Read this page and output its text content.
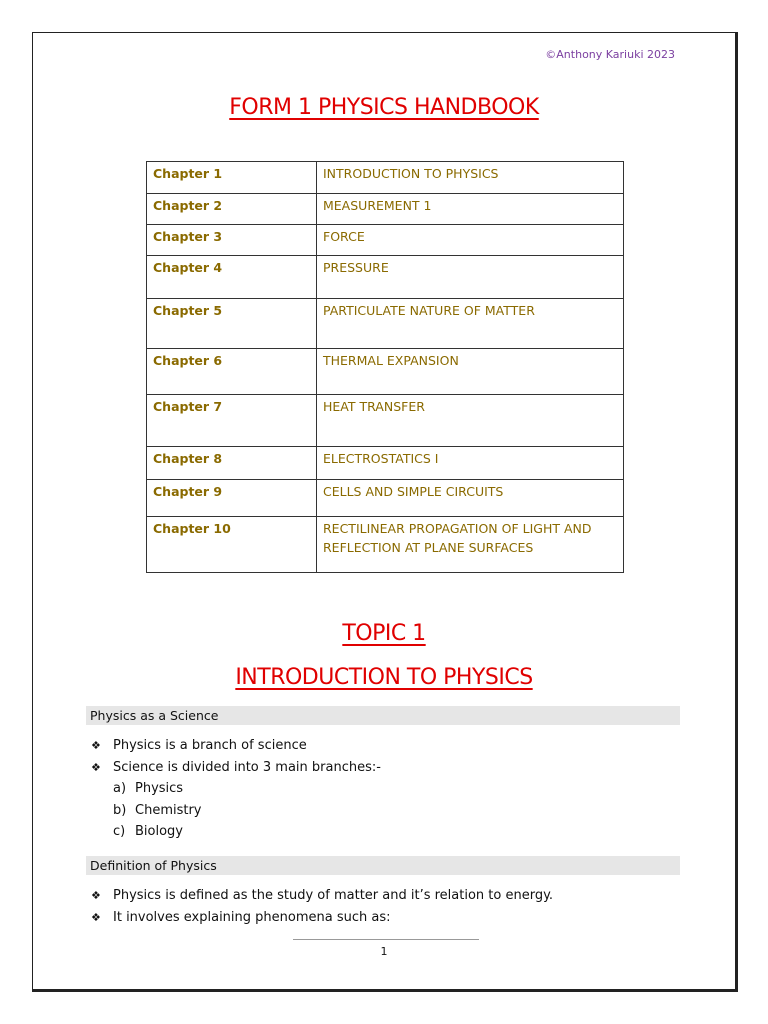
©Anthony Kariuki 2023
FORM 1 PHYSICS HANDBOOK
Chapter 1	INTRODUCTION TO PHYSICS
Chapter 2	MEASUREMENT 1
Chapter 3	FORCE
Chapter 4	PRESSURE
Chapter 5	PARTICULATE NATURE OF MATTER
Chapter 6	THERMAL EXPANSION
Chapter 7	HEAT TRANSFER
Chapter 8	ELECTROSTATICS I
Chapter 9	CELLS AND SIMPLE CIRCUITS
Chapter 10	RECTILINEAR PROPAGATION OF LIGHT AND REFLECTION AT PLANE SURFACES
TOPIC 1
INTRODUCTION TO PHYSICS
Physics as a Science
❖ Physics is a branch of science
❖ Science is divided into 3 main branches:-
a) Physics
b) Chemistry
c) Biology
Definition of Physics
❖ Physics is defined as the study of matter and it’s relation to energy.
❖ It involves explaining phenomena such as:
1
